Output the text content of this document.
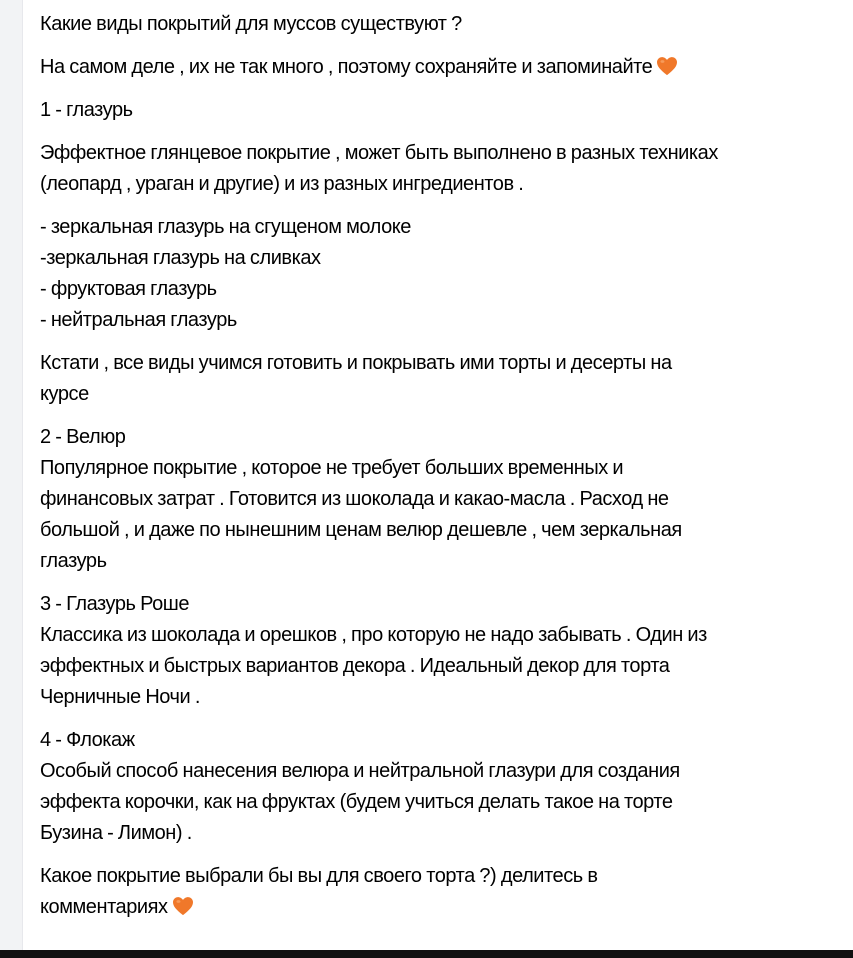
Какие виды покрытий для муссов существуют ?
На самом деле , их не так много , поэтому сохраняйте и запоминайте
1 - глазурь
Эффектное глянцевое покрытие , может быть выполнено в разных техниках
(леопард , ураган и другие) и из разных ингредиентов .
- зеркальная глазурь на сгущеном молоке
-зеркальная глазурь на сливках
- фруктовая глазурь
- нейтральная глазурь
Кстати , все виды учимся готовить и покрывать ими торты и десерты на
курсе
2 - Велюр
Популярное покрытие , которое не требует больших временных и
финансовых затрат . Готовится из шоколада и какао-масла . Расход не
большой , и даже по нынешним ценам велюр дешевле , чем зеркальная
глазурь
3 - Глазурь Роше
Классика из шоколада и орешков , про которую не надо забывать . Один из
эффектных и быстрых вариантов декора . Идеальный декор для торта
Черничные Ночи .
4 - Флокаж
Особый способ нанесения велюра и нейтральной глазури для создания
эффекта корочки, как на фруктах (будем учиться делать такое на торте
Бузина - Лимон) .
Какое покрытие выбрали бы вы для своего торта ?) делитесь в
комментариях
